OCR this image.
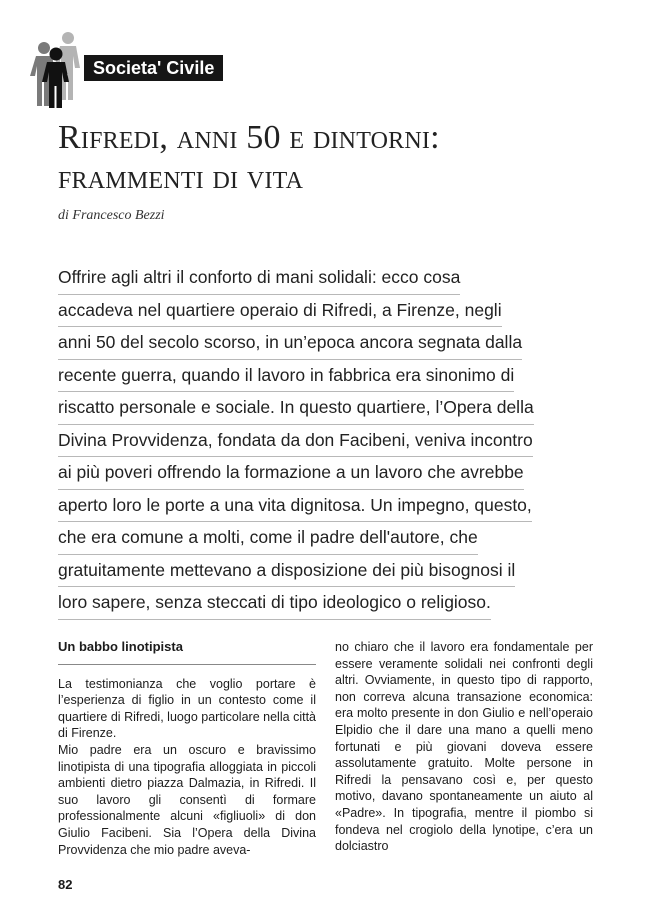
Societa' Civile
Rifredi, anni 50 e dintorni:
frammenti di vita
di Francesco Bezzi
Offrire agli altri il conforto di mani solidali: ecco cosa
accadeva nel quartiere operaio di Rifredi, a Firenze, negli
anni 50 del secolo scorso, in un’epoca ancora segnata dalla
recente guerra, quando il lavoro in fabbrica era sinonimo di
riscatto personale e sociale. In questo quartiere, l’Opera della
Divina Provvidenza, fondata da don Facibeni, veniva incontro
ai più poveri offrendo la formazione a un lavoro che avrebbe
aperto loro le porte a una vita dignitosa. Un impegno, questo,
che era comune a molti, come il padre dell'autore, che
gratuitamente mettevano a disposizione dei più bisognosi il
loro sapere, senza steccati di tipo ideologico o religioso.
Un babbo linotipista

La testimonianza che voglio portare è l’esperienza di figlio in un contesto come il quartiere di Rifredi, luogo particolare nella città di Firenze.

Mio padre era un oscuro e bravissimo linotipista di una tipografia alloggiata in piccoli ambienti dietro piazza Dalmazia, in Rifredi. Il suo lavoro gli consentì di formare professionalmente alcuni «figliuoli» di don Giulio Facibeni. Sia l’Opera della Divina Provvidenza che mio padre aveva-

no chiaro che il lavoro era fondamentale per essere veramente solidali nei confronti degli altri. Ovviamente, in questo tipo di rapporto, non correva alcuna transazione economica: era molto presente in don Giulio e nell’operaio Elpidio che il dare una mano a quelli meno fortunati e più giovani doveva essere assolutamente gratuito. Molte persone in Rifredi la pensavano così e, per questo motivo, davano spontaneamente un aiuto al «Padre». In tipografia, mentre il piombo si fondeva nel crogiolo della lynotipe, c’era un dolciastro

82
